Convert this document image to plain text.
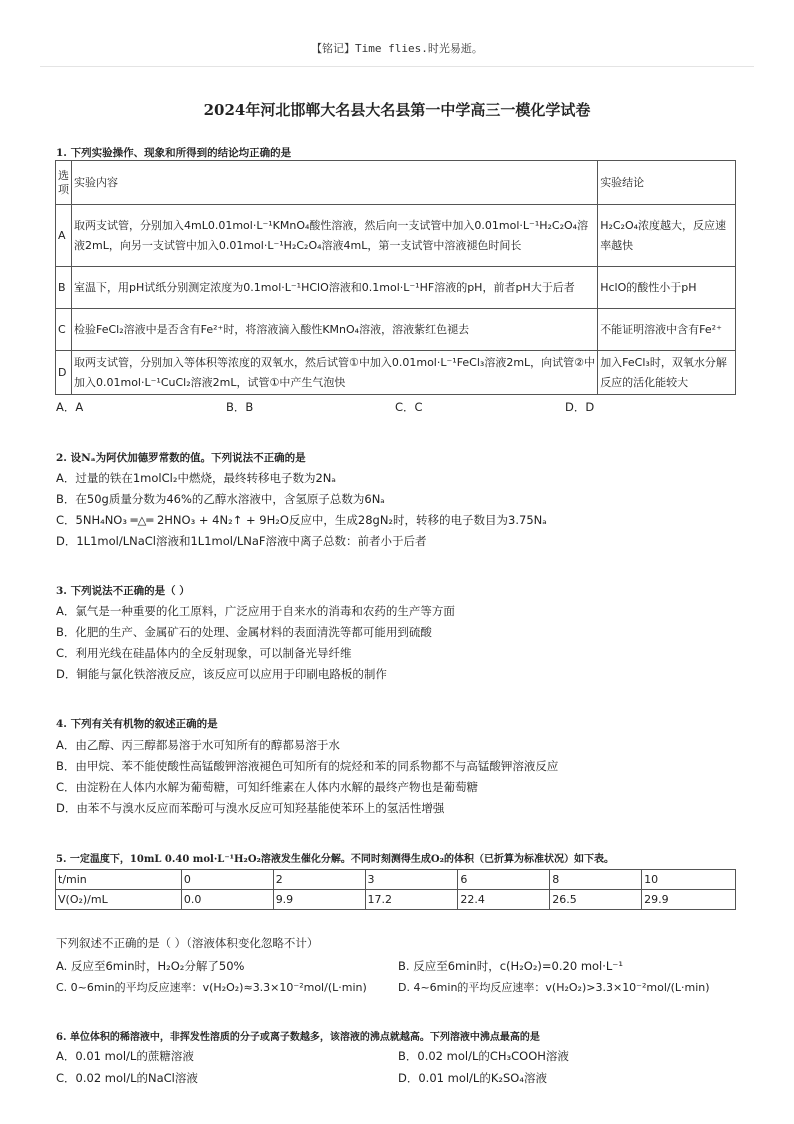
【铭记】Time flies.时光易逝。
2024年河北邯郸大名县大名县第一中学高三一模化学试卷
1. 下列实验操作、现象和所得到的结论均正确的是
选项	实验内容	实验结论
A	取两支试管，分别加入4mL0.01mol·L⁻¹KMnO₄酸性溶液，然后向一支试管中加入0.01mol·L⁻¹H₂C₂O₄溶液2mL，向另一支试管中加入0.01mol·L⁻¹H₂C₂O₄溶液4mL，第一支试管中溶液褪色时间长	H₂C₂O₄浓度越大，反应速率越快
B	室温下，用pH试纸分别测定浓度为0.1mol·L⁻¹HClO溶液和0.1mol·L⁻¹HF溶液的pH，前者pH大于后者	HclO的酸性小于pH
C	检验FeCl₂溶液中是否含有Fe²⁺时，将溶液滴入酸性KMnO₄溶液，溶液紫红色褪去	不能证明溶液中含有Fe²⁺
D	取两支试管，分别加入等体积等浓度的双氧水，然后试管①中加入0.01mol·L⁻¹FeCl₃溶液2mL，向试管②中加入0.01mol·L⁻¹CuCl₂溶液2mL，试管①中产生气泡快	加入FeCl₃时，双氧水分解反应的活化能较大
A．A	B．B	C．C	D．D
2. 设Nₐ为阿伏加德罗常数的值。下列说法不正确的是
A．过量的铁在1molCl₂中燃烧，最终转移电子数为2Nₐ
B．在50g质量分数为46%的乙醇水溶液中，含氢原子总数为6Nₐ
C．5NH₄NO₃ ═△═ 2HNO₃ + 4N₂↑ + 9H₂O反应中，生成28gN₂时，转移的电子数目为3.75Nₐ
D．1L1mol/LNaCl溶液和1L1mol/LNaF溶液中离子总数：前者小于后者
3. 下列说法不正确的是（ ）
A．氯气是一种重要的化工原料，广泛应用于自来水的消毒和农药的生产等方面
B．化肥的生产、金属矿石的处理、金属材料的表面清洗等都可能用到硫酸
C．利用光线在硅晶体内的全反射现象，可以制备光导纤维
D．铜能与氯化铁溶液反应，该反应可以应用于印刷电路板的制作
4. 下列有关有机物的叙述正确的是
A．由乙醇、丙三醇都易溶于水可知所有的醇都易溶于水
B．由甲烷、苯不能使酸性高锰酸钾溶液褪色可知所有的烷烃和苯的同系物都不与高锰酸钾溶液反应
C．由淀粉在人体内水解为葡萄糖，可知纤维素在人体内水解的最终产物也是葡萄糖
D．由苯不与溴水反应而苯酚可与溴水反应可知羟基能使苯环上的氢活性增强
5. 一定温度下，10mL 0.40 mol·L⁻¹H₂O₂溶液发生催化分解。不同时刻测得生成O₂的体积（已折算为标准状况）如下表。
t/min	0	2	3	6	8	10
V(O₂)/mL	0.0	9.9	17.2	22.4	26.5	29.9
下列叙述不正确的是（ ）（溶液体积变化忽略不计）
A. 反应至6min时，H₂O₂分解了50%	B. 反应至6min时，c(H₂O₂)=0.20 mol·L⁻¹
C. 0~6min的平均反应速率：v(H₂O₂)≈3.3×10⁻²mol/(L·min)	D. 4~6min的平均反应速率：v(H₂O₂)>3.3×10⁻²mol/(L·min)
6. 单位体积的稀溶液中，非挥发性溶质的分子或离子数越多，该溶液的沸点就越高。下列溶液中沸点最高的是
A．0.01 mol/L的蔗糖溶液	B．0.02 mol/L的CH₃COOH溶液
C．0.02 mol/L的NaCl溶液	D．0.01 mol/L的K₂SO₄溶液
